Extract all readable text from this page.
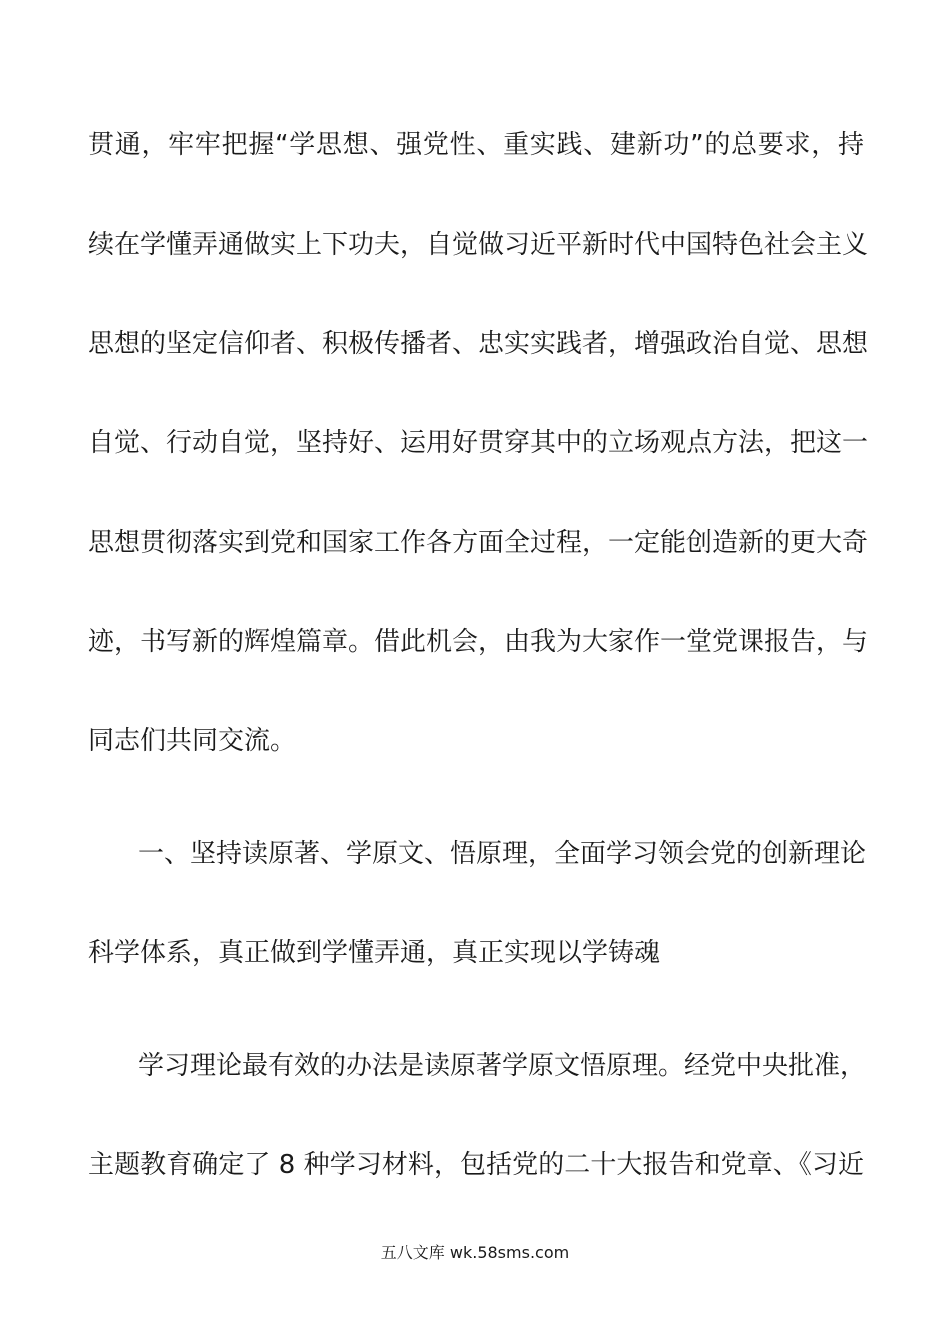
贯通，牢牢把握“学思想、强党性、重实践、建新功”的总要求，持
续在学懂弄通做实上下功夫，自觉做习近平新时代中国特色社会主义
思想的坚定信仰者、积极传播者、忠实实践者，增强政治自觉、思想
自觉、行动自觉，坚持好、运用好贯穿其中的立场观点方法，把这一
思想贯彻落实到党和国家工作各方面全过程，一定能创造新的更大奇
迹，书写新的辉煌篇章。借此机会，由我为大家作一堂党课报告，与
同志们共同交流。
一、坚持读原著、学原文、悟原理，全面学习领会党的创新理论
科学体系，真正做到学懂弄通，真正实现以学铸魂
学习理论最有效的办法是读原著学原文悟原理。经党中央批准，
主题教育确定了 8 种学习材料，包括党的二十大报告和党章、《习近
五八文库 wk.58sms.com
